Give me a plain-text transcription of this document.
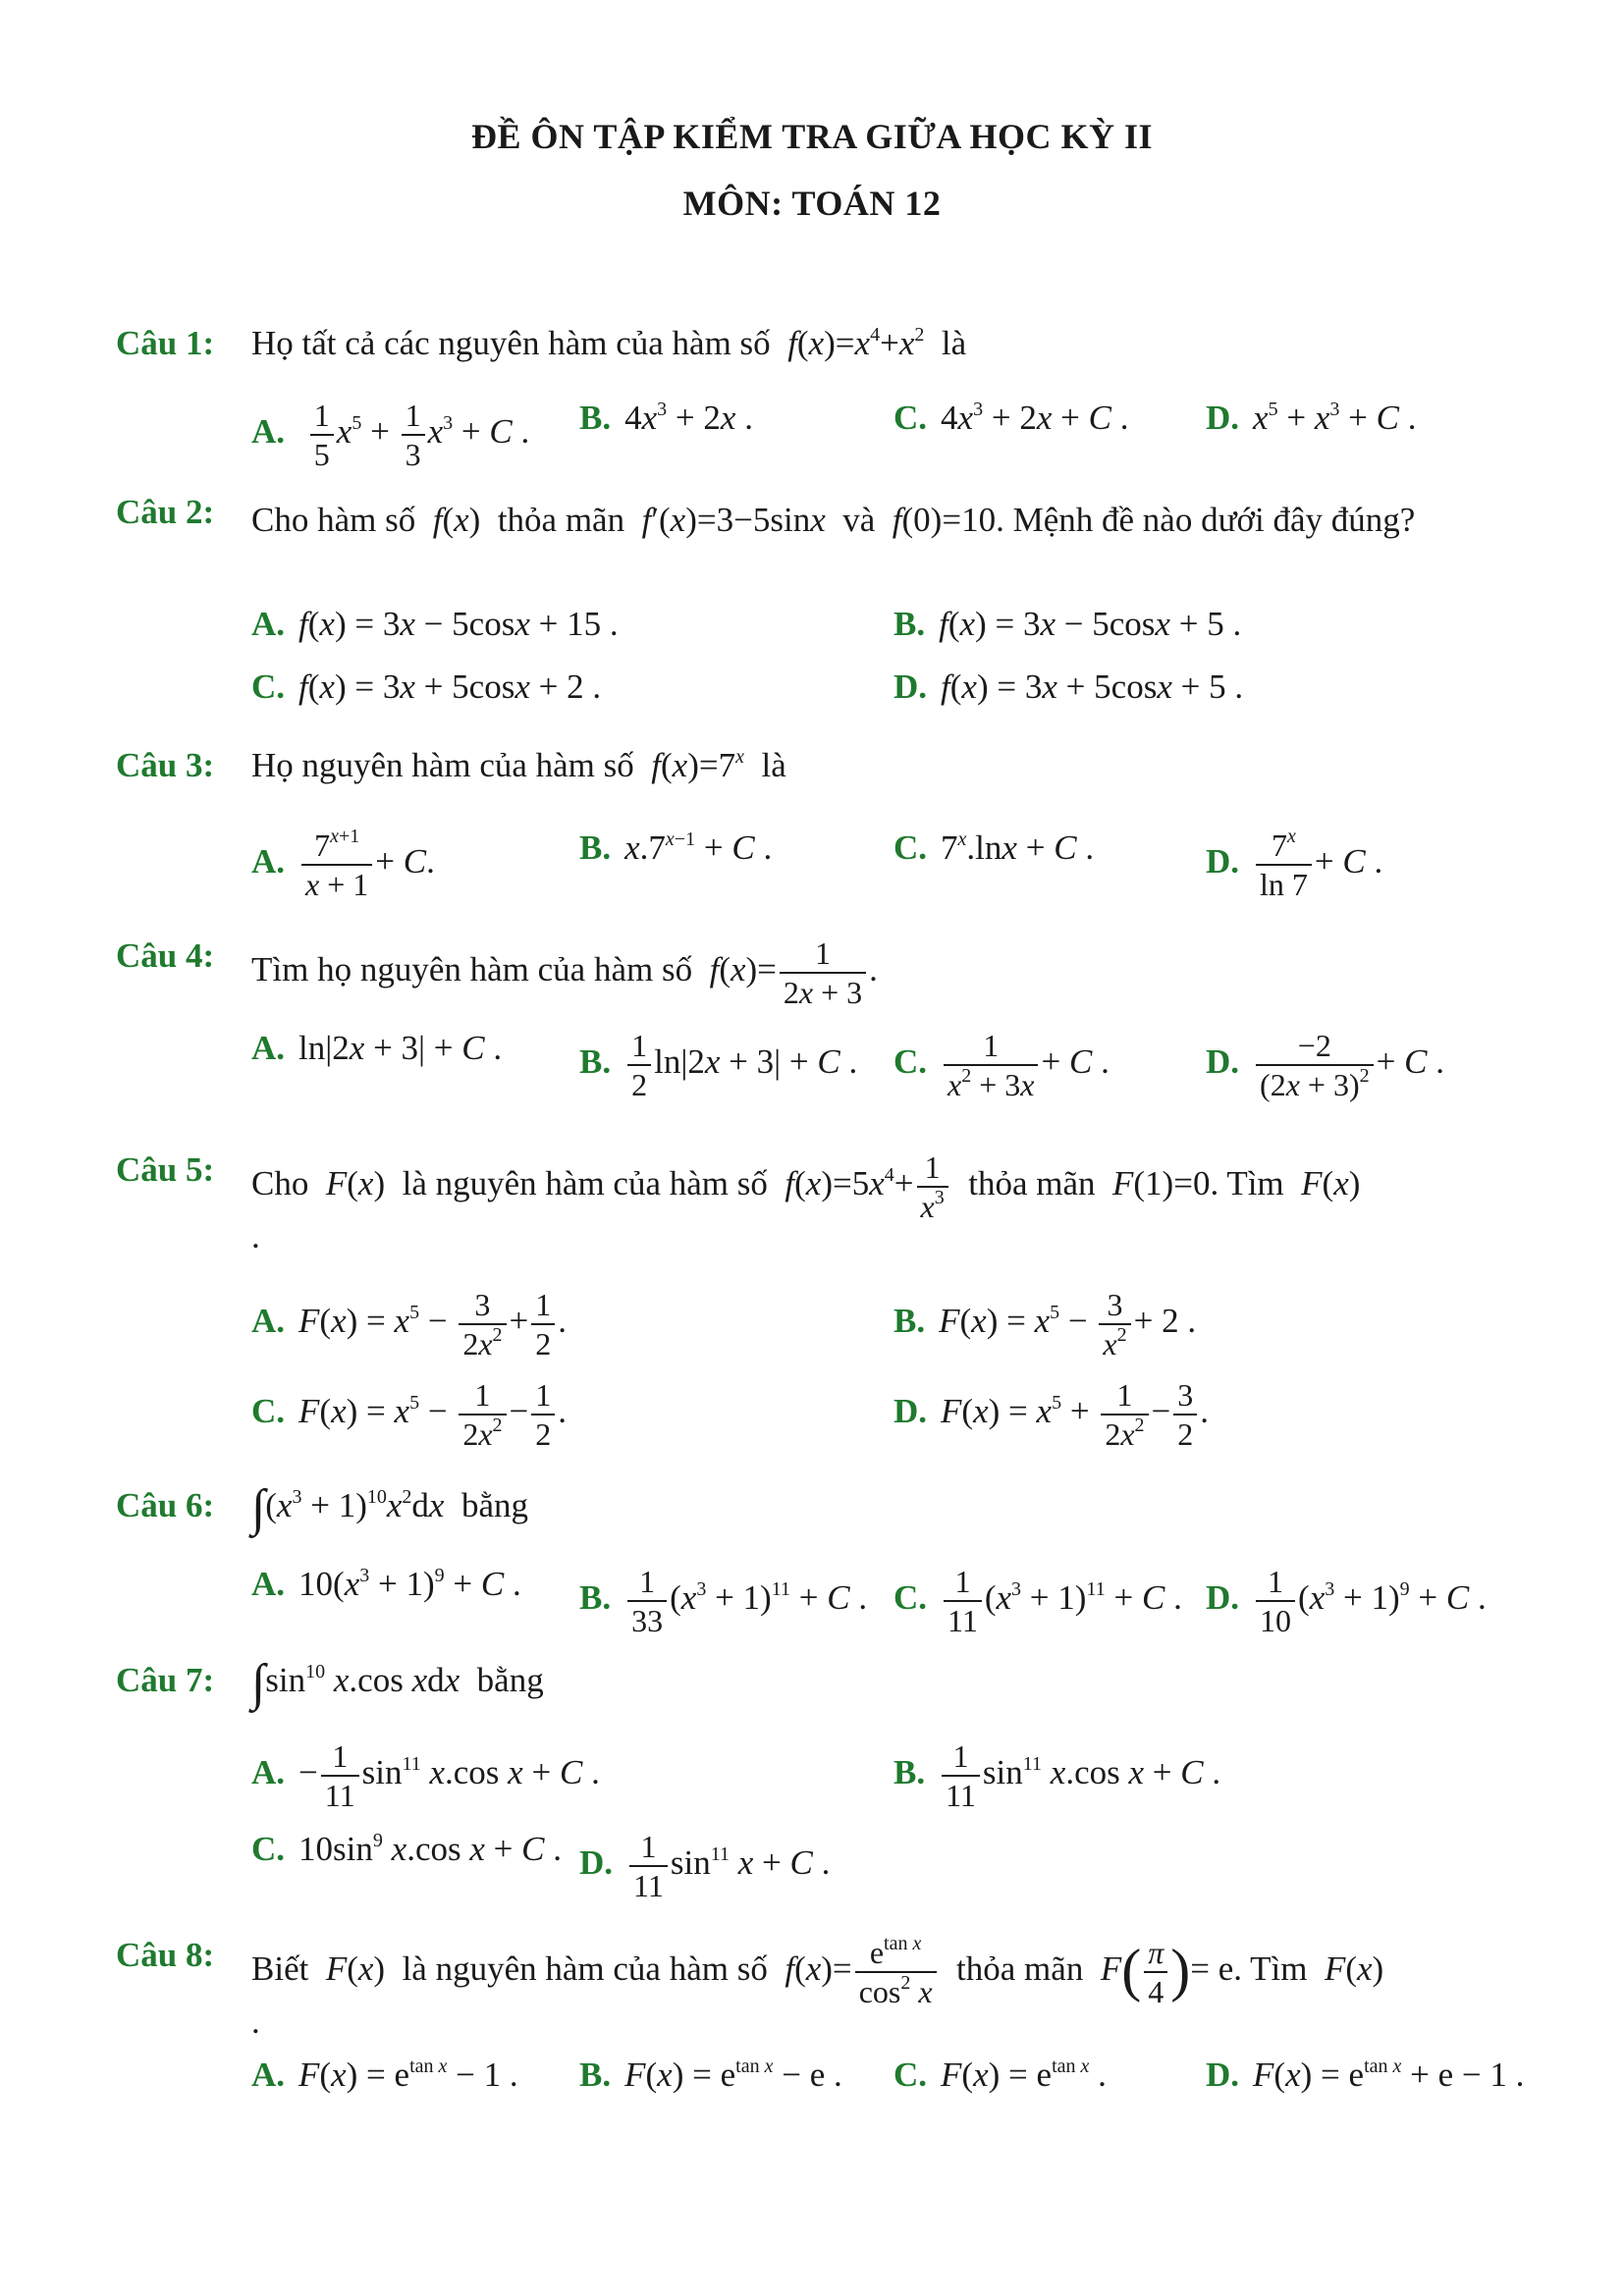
ĐỀ ÔN TẬP KIỂM TRA GIỮA HỌC KỲ II
MÔN: TOÁN 12
Câu 1: Họ tất cả các nguyên hàm của hàm số  $f(x)=x^4+x^2$ là
A. $\frac{1}{5} x^5 + \frac{1}{3} x^3 + C$ . B. $4x^3 + 2x$ .	C. $4x^3 + 2x + C$ . D. $x^5 + x^3 + C$ .
Câu 2: Cho hàm số  f(x) thỏa mãn  f′(x)=3−5sinx và  f(0)=10. Mệnh đề nào dưới đây đúng?
A. f(x) = 3x − 5cosx + 15 .	B. f(x) = 3x − 5cosx + 5 .
C. f(x) = 3x + 5cosx + 2 .	D. f(x) = 3x + 5cosx + 5 .
Câu 3: Họ nguyên hàm của hàm số  $f(x)=7^x$ là
A. $\frac{7^{x+1}}{x + 1} + C$.	B. $x.7^{x-1} + C$ .	C. $7^x.\ln x + C$ .	D. $\frac{7^x}{\ln 7} + C$ .
Câu 4: Tìm họ nguyên hàm của hàm số  $f(x)= \frac{1}{2x + 3}$ .
A. ln|2x + 3| + C . B. $\frac{1}{2} \ln|2x + 3| + C$ . C. $\frac{1}{x^2 + 3x} + C$ .	D. $\frac{-2}{(2x + 3)^2} + C$ .
Câu 5: Cho  F(x) là nguyên hàm của hàm số  $f(x)=5x^4+ \frac{1}{x^3}$ thỏa mãn  F(1)=0. Tìm  F(x)
.
A. $F(x) = x^5 - \frac{3}{2x^2} + \frac{1}{2}$ .	B. $F(x) = x^5 - \frac{3}{x^2} + 2$ .
C. $F(x) = x^5 - \frac{1}{2x^2} - \frac{1}{2}$ .	D. $F(x) = x^5 + \frac{1}{2x^2} - \frac{3}{2}$ .
Câu 6: $\int(x^3 + 1)^{10}x^2dx$ bằng
A. $10(x^3 + 1)^9 + C$ . B. $\frac{1}{33} (x^3 + 1)^{11} + C$ . C. $\frac{1}{11} (x^3 + 1)^{11} + C$ . D. $\frac{1}{10} (x^3 + 1)^9 + C$ .
Câu 7: $\int\sin^{10}$ x.cos xdx bằng
A. − $\frac{1}{11} \sin^{11} x.\cos$ x + C .	B. $\frac{1}{11} \sin^{11} x.\cos$ x + C .
C. $10\sin^9$ x.cos x + C . D. $\frac{1}{11} \sin^{11} x + C$ .
Câu 8: Biết  F(x) là nguyên hàm của hàm số  $f(x)= \frac{e^{tan x}}{\cos^2 x}$ thỏa mãn  $F( \frac{\pi}{4}$ )= e. Tìm  F(x)
.
A. $F(x) = e^{tan x} - 1$ . B. $F(x) = e^{tan x} - e$ . C. $F(x) = e^{tan x}$ .	D. $F(x) = e^{tan x} + e - 1$ .
